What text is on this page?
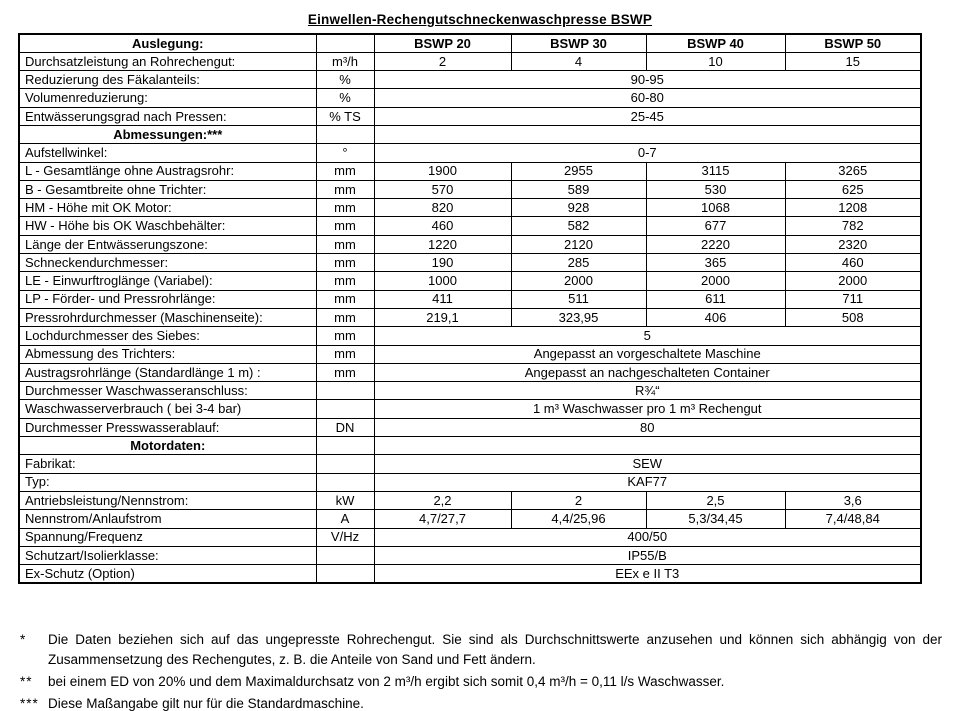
Einwellen-Rechengutschneckenwaschpresse BSWP
Auslegung:		BSWP 20	BSWP 30	BSWP 40	BSWP 50
Durchsatzleistung an Rohrechengut:	m³/h	2	4	10	15
Reduzierung des Fäkalanteils:	%	90-95			
Volumenreduzierung:	%	60-80			
Entwässerungsgrad nach Pressen:	% TS	25-45			
Abmessungen:***					
Aufstellwinkel:	°	0-7			
L - Gesamtlänge ohne Austragsrohr:	mm	1900	2955	3115	3265
B - Gesamtbreite ohne Trichter:	mm	570	589	530	625
HM - Höhe mit OK Motor:	mm	820	928	1068	1208
HW - Höhe bis OK Waschbehälter:	mm	460	582	677	782
Länge der Entwässerungszone:	mm	1220	2120	2220	2320
Schneckendurchmesser:	mm	190	285	365	460
LE - Einwurftroglänge (Variabel):	mm	1000	2000	2000	2000
LP - Förder- und Pressrohrlänge:	mm	411	511	611	711
Pressrohrdurchmesser (Maschinenseite):	mm	219,1	323,95	406	508
Lochdurchmesser des Siebes:	mm	5			
Abmessung des Trichters:	mm	Angepasst an vorgeschaltete Maschine			
Austragsrohrlänge (Standardlänge 1 m) :	mm	Angepasst an nachgeschalteten Container			
Durchmesser Waschwasseranschluss:		R¾“			
Waschwasserverbrauch ( bei 3-4 bar)		1 m³ Waschwasser pro 1 m³ Rechengut			
Durchmesser Presswasserablauf:	DN	80			
Motordaten:					
Fabrikat:		SEW			
Typ:		KAF77			
Antriebsleistung/Nennstrom:	kW	2,2	2	2,5	3,6
Nennstrom/Anlaufstrom	A	4,7/27,7	4,4/25,96	5,3/34,45	7,4/48,84
Spannung/Frequenz	V/Hz	400/50			
Schutzart/Isolierklasse:		IP55/B			
Ex-Schutz (Option)		EEx e II T3			
*	Die Daten beziehen sich auf das ungepresste Rohrechengut. Sie sind als Durchschnittswerte anzusehen und können sich abhängig von der Zusammensetzung des Rechengutes, z. B. die Anteile von Sand und Fett ändern.
**	bei einem ED von 20% und dem Maximaldurchsatz von 2 m³/h ergibt sich somit 0,4 m³/h = 0,11 l/s Waschwasser.
*** Diese Maßangabe gilt nur für die Standardmaschine.
